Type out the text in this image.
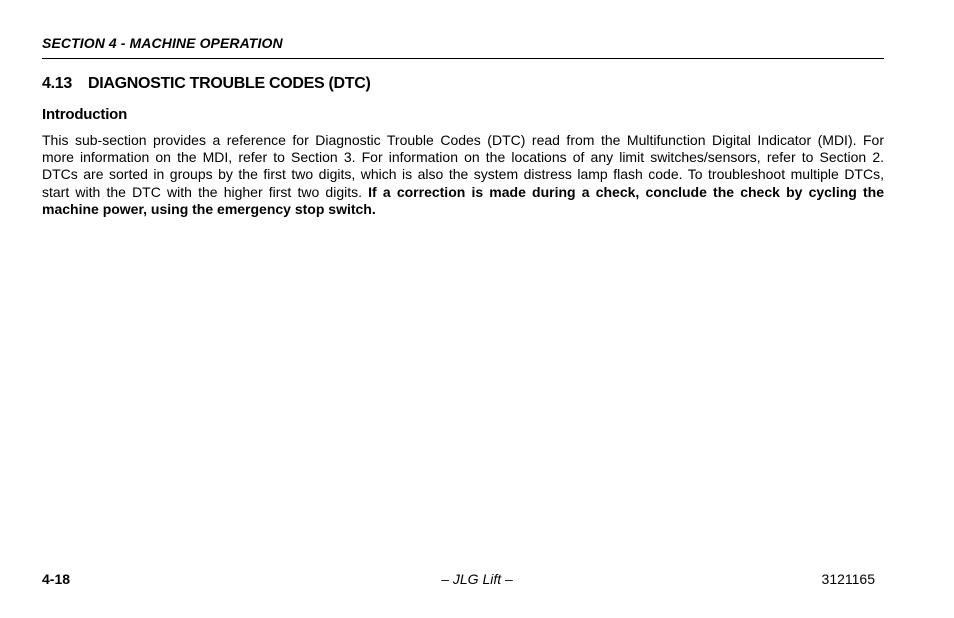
SECTION 4 - MACHINE OPERATION
4.13 DIAGNOSTIC TROUBLE CODES (DTC)
Introduction
This sub-section provides a reference for Diagnostic Trouble Codes (DTC) read from the Multifunction Digital Indicator (MDI). For
more information on the MDI, refer to Section 3. For information on the locations of any limit switches/sensors, refer to Section 2.
DTCs are sorted in groups by the first two digits, which is also the system distress lamp flash code. To troubleshoot multiple DTCs,
start with the DTC with the higher first two digits. If a correction is made during a check, conclude the check by cycling the
machine power, using the emergency stop switch.
4-18	– JLG Lift –	3121165
